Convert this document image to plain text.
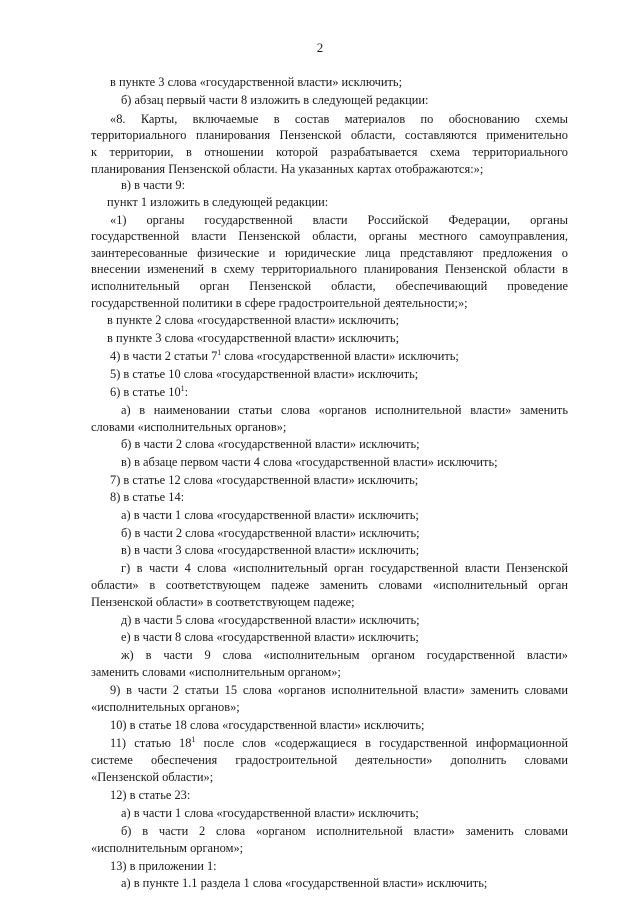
2
в пункте 3 слова «государственной власти» исключить;
б) абзац первый части 8 изложить в следующей редакции:
«8. Карты, включаемые в состав материалов по обоснованию схемы
территориального планирования Пензенской области, составляются применительно
к территории, в отношении которой разрабатывается схема территориального
планирования Пензенской области. На указанных картах отображаются:»;
в) в части 9:
пункт 1 изложить в следующей редакции:
«1) органы государственной власти Российской Федерации, органы
государственной власти Пензенской области, органы местного самоуправления,
заинтересованные физические и юридические лица представляют предложения о
внесении изменений в схему территориального планирования Пензенской области в
исполнительный орган Пензенской области, обеспечивающий проведение
государственной политики в сфере градостроительной деятельности;»;
в пункте 2 слова «государственной власти» исключить;
в пункте 3 слова «государственной власти» исключить;
4) в части 2 статьи $7^1$ слова «государственной власти» исключить;
5) в статье 10 слова «государственной власти» исключить;
6) в статье $10^1$:
а) в наименовании статьи слова «органов исполнительной власти» заменить
словами «исполнительных органов»;
б) в части 2 слова «государственной власти» исключить;
в) в абзаце первом части 4 слова «государственной власти» исключить;
7) в статье 12 слова «государственной власти» исключить;
8) в статье 14:
а) в части 1 слова «государственной власти» исключить;
б) в части 2 слова «государственной власти» исключить;
в) в части 3 слова «государственной власти» исключить;
г) в части 4 слова «исполнительный орган государственной власти Пензенской
области» в соответствующем падеже заменить словами «исполнительный орган
Пензенской области» в соответствующем падеже;
д) в части 5 слова «государственной власти» исключить;
е) в части 8 слова «государственной власти» исключить;
ж) в части 9 слова «исполнительным органом государственной власти»
заменить словами «исполнительным органом»;
9) в части 2 статьи 15 слова «органов исполнительной власти» заменить словами
«исполнительных органов»;
10) в статье 18 слова «государственной власти» исключить;
11) статью $18^1$ после слов «содержащиеся в государственной информационной
системе обеспечения градостроительной деятельности» дополнить словами
«Пензенской области»;
12) в статье 23:
а) в части 1 слова «государственной власти» исключить;
б) в части 2 слова «органом исполнительной власти» заменить словами
«исполнительным органом»;
13) в приложении 1:
а) в пункте 1.1 раздела 1 слова «государственной власти» исключить;
